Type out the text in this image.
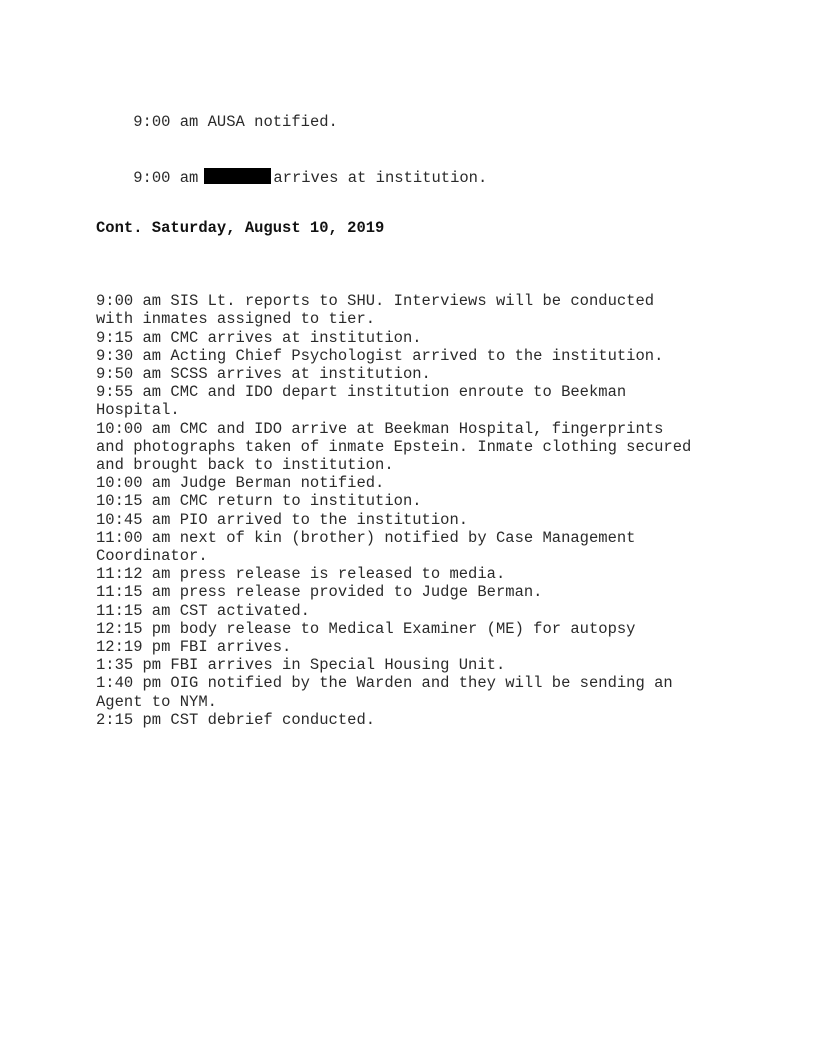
9:00 am AUSA notified.

9:00 am	arrives at institution.

Cont. Saturday, August 10, 2019
9:00 am SIS Lt. reports to SHU. Interviews will be conducted
with inmates assigned to tier.
9:15 am CMC arrives at institution.
9:30 am Acting Chief Psychologist arrived to the institution.
9:50 am SCSS arrives at institution.
9:55 am CMC and IDO depart institution enroute to Beekman
Hospital.
10:00 am CMC and IDO arrive at Beekman Hospital, fingerprints
and photographs taken of inmate Epstein. Inmate clothing secured
and brought back to institution.
10:00 am Judge Berman notified.
10:15 am CMC return to institution.
10:45 am PIO arrived to the institution.
11:00 am next of kin (brother) notified by Case Management
Coordinator.
11:12 am press release is released to media.
11:15 am press release provided to Judge Berman.
11:15 am CST activated.
12:15 pm body release to Medical Examiner (ME) for autopsy
12:19 pm FBI arrives.
1:35 pm FBI arrives in Special Housing Unit.
1:40 pm OIG notified by the Warden and they will be sending an
Agent to NYM.
2:15 pm CST debrief conducted.
